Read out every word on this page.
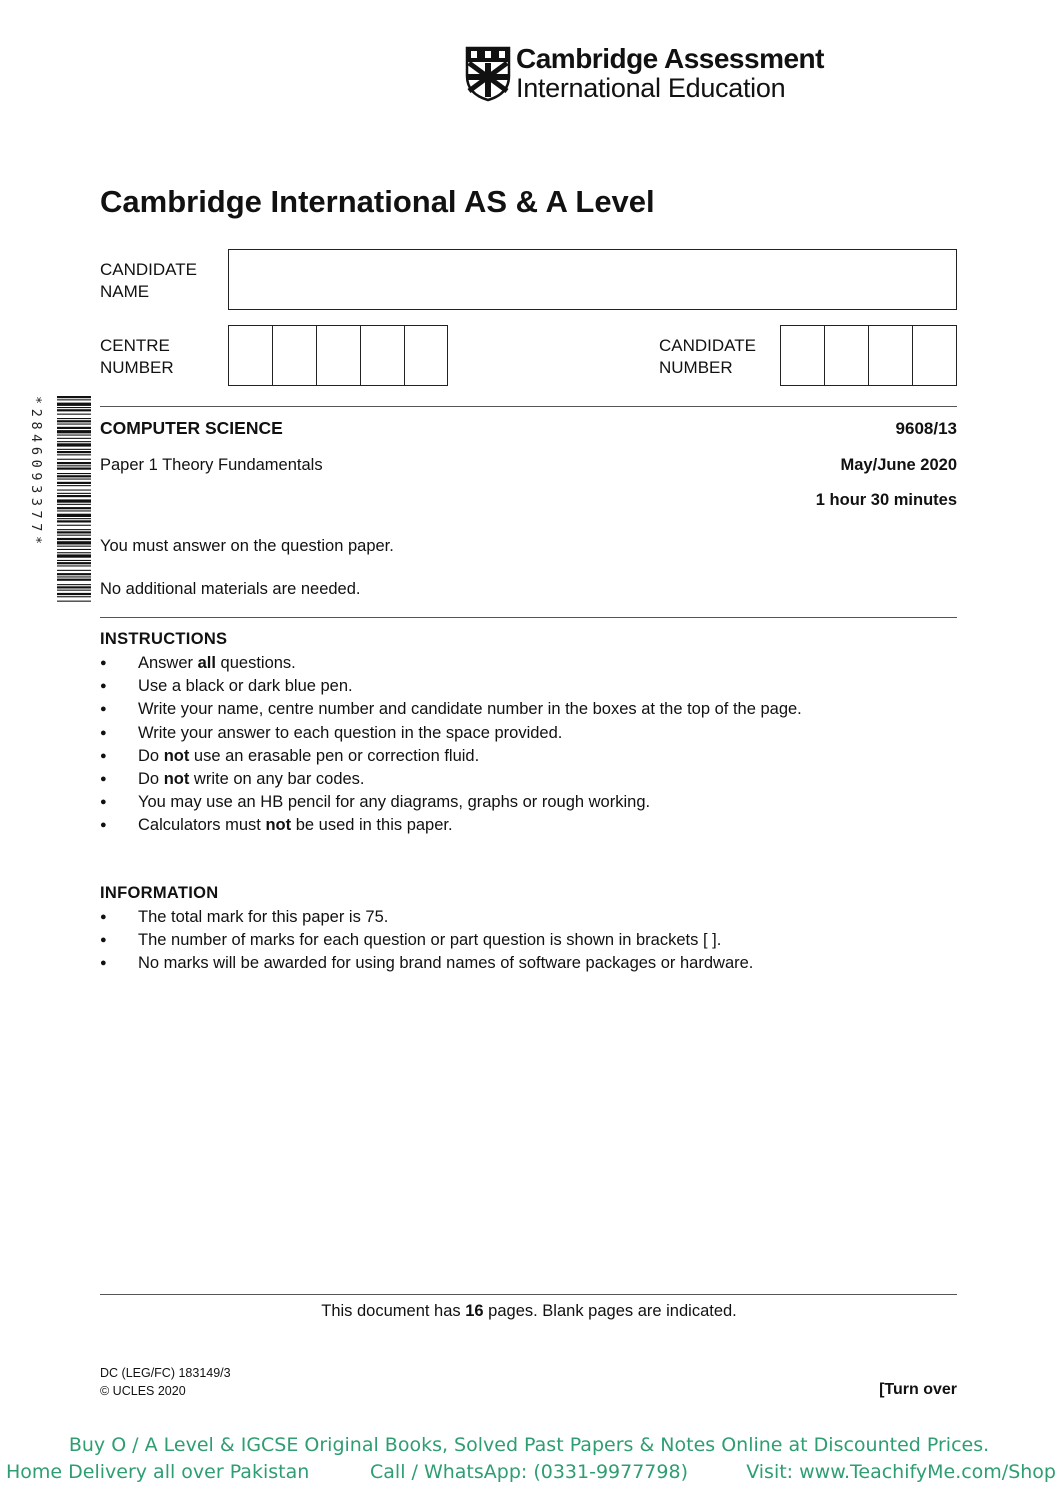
Cambridge Assessment
International Education
Cambridge International AS & A Level
CANDIDATE
NAME
CENTRE
NUMBER
CANDIDATE
NUMBER
*2846093377*	COMPUTER SCIENCE	9608/13
Paper 1 Theory Fundamentals	May/June 2020
1 hour 30 minutes
You must answer on the question paper.
No additional materials are needed.
INSTRUCTIONS
● Answer all questions.
● Use a black or dark blue pen.
● Write your name, centre number and candidate number in the boxes at the top of the page.
● Write your answer to each question in the space provided.
● Do not use an erasable pen or correction fluid.
● Do not write on any bar codes.
● You may use an HB pencil for any diagrams, graphs or rough working.
● Calculators must not be used in this paper.
INFORMATION
● The total mark for this paper is 75.
● The number of marks for each question or part question is shown in brackets [ ].
● No marks will be awarded for using brand names of software packages or hardware.
This document has 16 pages. Blank pages are indicated.
DC (LEG/FC) 183149/3
© UCLES 2020	[Turn over
Buy O / A Level & IGCSE Original Books, Solved Past Papers & Notes Online at Discounted Prices.
Home Delivery all over Pakistan	Call / WhatsApp: (0331-9977798)	Visit: www.TeachifyMe.com/Shop
